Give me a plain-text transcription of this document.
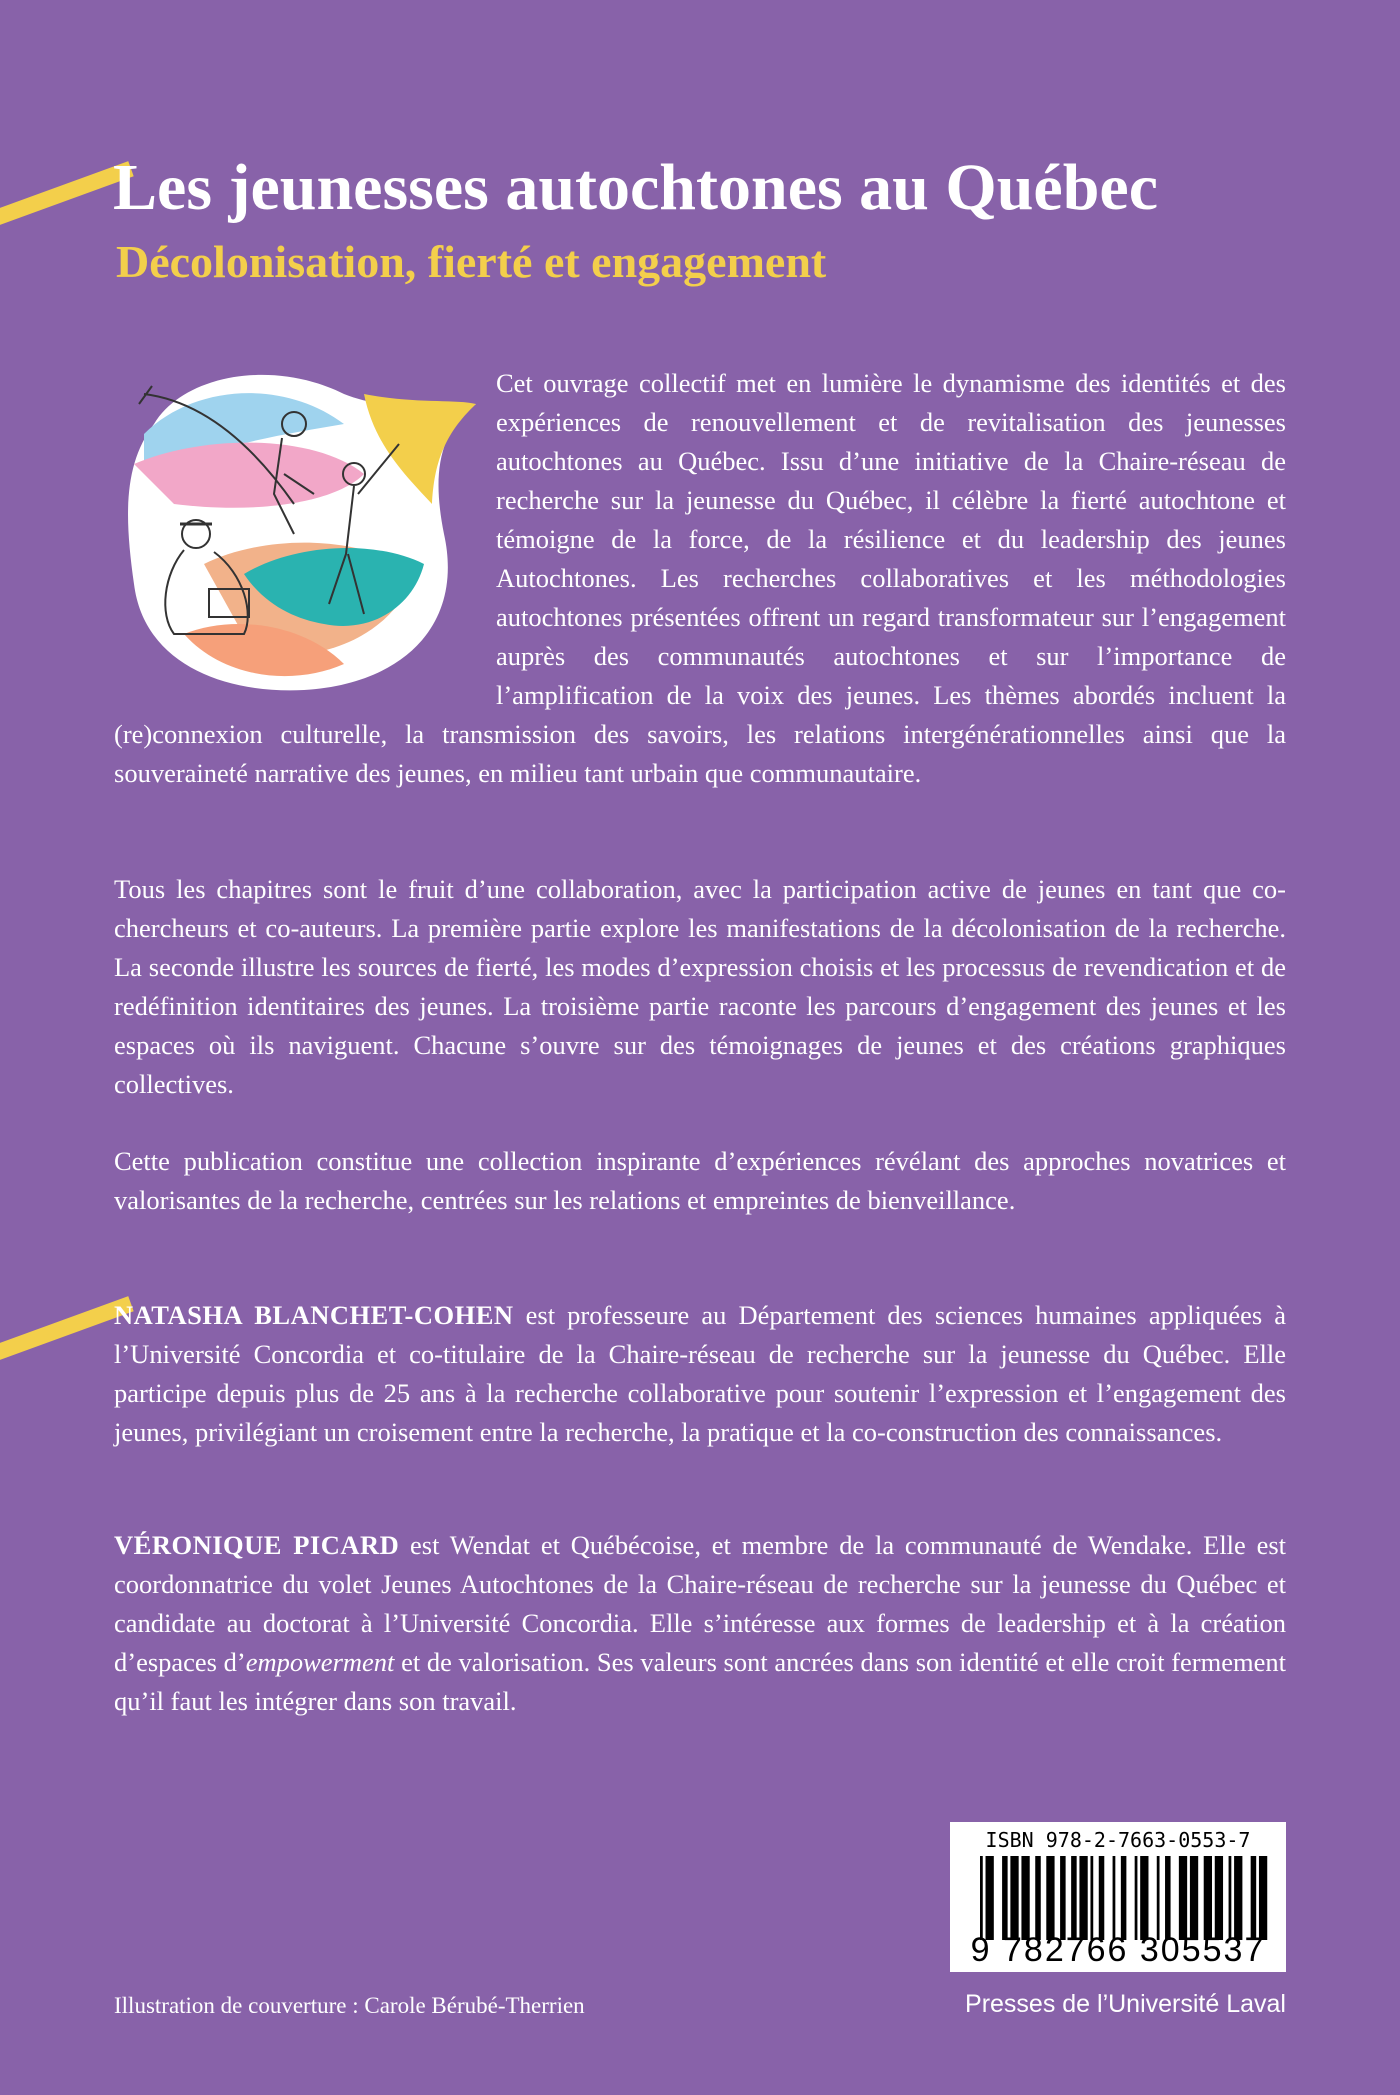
Les jeunesses autochtones au Québec
Décolonisation, fierté et engagement
Cet ouvrage collectif met en lumière le dynamisme des identités et des expériences de renouvellement et de revitalisation des jeunesses autochtones au Québec. Issu d’une initiative de la Chaire-réseau de recherche sur la jeunesse du Québec, il célèbre la fierté autochtone et témoigne de la force, de la résilience et du leadership des jeunes Autochtones. Les recherches collaboratives et les méthodologies autochtones présentées offrent un regard transformateur sur l’engagement auprès des communautés autochtones et sur l’importance de l’amplification de la voix des jeunes. Les thèmes abordés incluent la (re)connexion culturelle, la transmission des savoirs, les relations intergénérationnelles ainsi que la souveraineté narrative des jeunes, en milieu tant urbain que communautaire.

Tous les chapitres sont le fruit d’une collaboration, avec la participation active de jeunes en tant que co-chercheurs et co-auteurs. La première partie explore les manifestations de la décolonisation de la recherche. La seconde illustre les sources de fierté, les modes d’expression choisis et les processus de revendication et de redéfinition identitaires des jeunes. La troisième partie raconte les parcours d’engagement des jeunes et les espaces où ils naviguent. Chacune s’ouvre sur des témoignages de jeunes et des créations graphiques collectives.

Cette publication constitue une collection inspirante d’expériences révélant des approches novatrices et valorisantes de la recherche, centrées sur les relations et empreintes de bienveillance.

NATASHA BLANCHET-COHEN est professeure au Département des sciences humaines appliquées à l’Université Concordia et co-titulaire de la Chaire-réseau de recherche sur la jeunesse du Québec. Elle participe depuis plus de 25 ans à la recherche collaborative pour soutenir l’expression et l’engagement des jeunes, privilégiant un croisement entre la recherche, la pratique et la co-construction des connaissances.

VÉRONIQUE PICARD est Wendat et Québécoise, et membre de la communauté de Wendake. Elle est coordonnatrice du volet Jeunes Autochtones de la Chaire-réseau de recherche sur la jeunesse du Québec et candidate au doctorat à l’Université Concordia. Elle s’intéresse aux formes de leadership et à la création d’espaces d’empowerment et de valorisation. Ses valeurs sont ancrées dans son identité et elle croit fermement qu’il faut les intégrer dans son travail.

ISBN 978-2-7663-0553-7
9 782766 305537
Illustration de couverture : Carole Bérubé-Therrien	Presses de l’Université Laval
